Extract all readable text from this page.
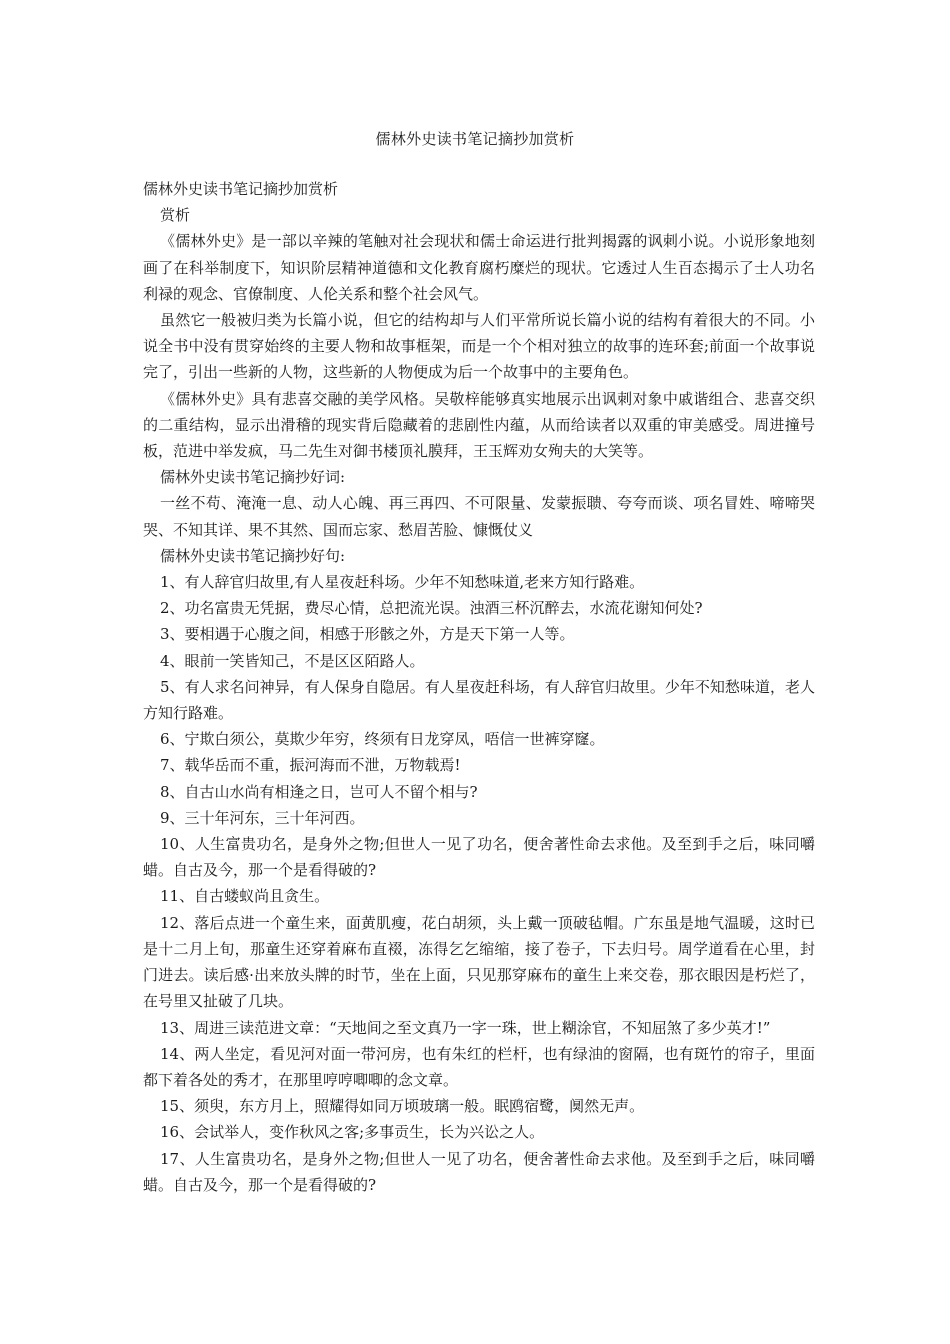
儒林外史读书笔记摘抄加赏析

儒林外史读书笔记摘抄加赏析

赏析

《儒林外史》是一部以辛辣的笔触对社会现状和儒士命运进行批判揭露的讽刺小说。小说形象地刻画了在科举制度下，知识阶层精神道德和文化教育腐朽糜烂的现状。它透过人生百态揭示了士人功名利禄的观念、官僚制度、人伦关系和整个社会风气。

虽然它一般被归类为长篇小说，但它的结构却与人们平常所说长篇小说的结构有着很大的不同。小说全书中没有贯穿始终的主要人物和故事框架，而是一个个相对独立的故事的连环套;前面一个故事说完了，引出一些新的人物，这些新的人物便成为后一个故事中的主要角色。

《儒林外史》具有悲喜交融的美学风格。吴敬梓能够真实地展示出讽刺对象中戚谐组合、悲喜交织的二重结构，显示出滑稽的现实背后隐藏着的悲剧性内蕴，从而给读者以双重的审美感受。周进撞号板，范进中举发疯，马二先生对御书楼顶礼膜拜，王玉辉劝女殉夫的大笑等。

儒林外史读书笔记摘抄好词:

一丝不苟、淹淹一息、动人心魄、再三再四、不可限量、发蒙振聩、夸夸而谈、项名冒姓、啼啼哭哭、不知其详、果不其然、国而忘家、愁眉苦脸、慷慨仗义

儒林外史读书笔记摘抄好句:

1、有人辞官归故里,有人星夜赶科场。少年不知愁味道,老来方知行路难。

2、功名富贵无凭据，费尽心情，总把流光误。浊酒三杯沉醉去，水流花谢知何处?

3、要相遇于心腹之间，相感于形骸之外，方是天下第一人等。

4、眼前一笑皆知己，不是区区陌路人。

5、有人求名问神异，有人保身自隐居。有人星夜赶科场，有人辞官归故里。少年不知愁味道，老人方知行路难。

6、宁欺白须公，莫欺少年穷，终须有日龙穿凤，唔信一世裤穿窿。

7、载华岳而不重，振河海而不泄，万物载焉!

8、自古山水尚有相逢之日，岂可人不留个相与?

9、三十年河东，三十年河西。

10、人生富贵功名，是身外之物;但世人一见了功名，便舍著性命去求他。及至到手之后，味同嚼蜡。自古及今，那一个是看得破的?

11、自古蝼蚁尚且贪生。

12、落后点进一个童生来，面黄肌瘦，花白胡须，头上戴一顶破毡帽。广东虽是地气温暖，这时已是十二月上旬，那童生还穿着麻布直裰，冻得乞乞缩缩，接了卷子，下去归号。周学道看在心里，封门进去。读后感·出来放头牌的时节，坐在上面，只见那穿麻布的童生上来交卷，那衣眼因是朽烂了，在号里又扯破了几块。

13、周进三读范进文章：“天地间之至文真乃一字一珠，世上糊涂官，不知屈煞了多少英才!”

14、两人坐定，看见河对面一带河房，也有朱红的栏杆，也有绿油的窗隔，也有斑竹的帘子，里面都下着各处的秀才，在那里哼哼唧唧的念文章。

15、须臾，东方月上，照耀得如同万顷玻璃一般。眠鸥宿鹭，阒然无声。

16、会试举人，变作秋风之客;多事贡生，长为兴讼之人。

17、人生富贵功名，是身外之物;但世人一见了功名，便舍著性命去求他。及至到手之后，味同嚼蜡。自古及今，那一个是看得破的?
